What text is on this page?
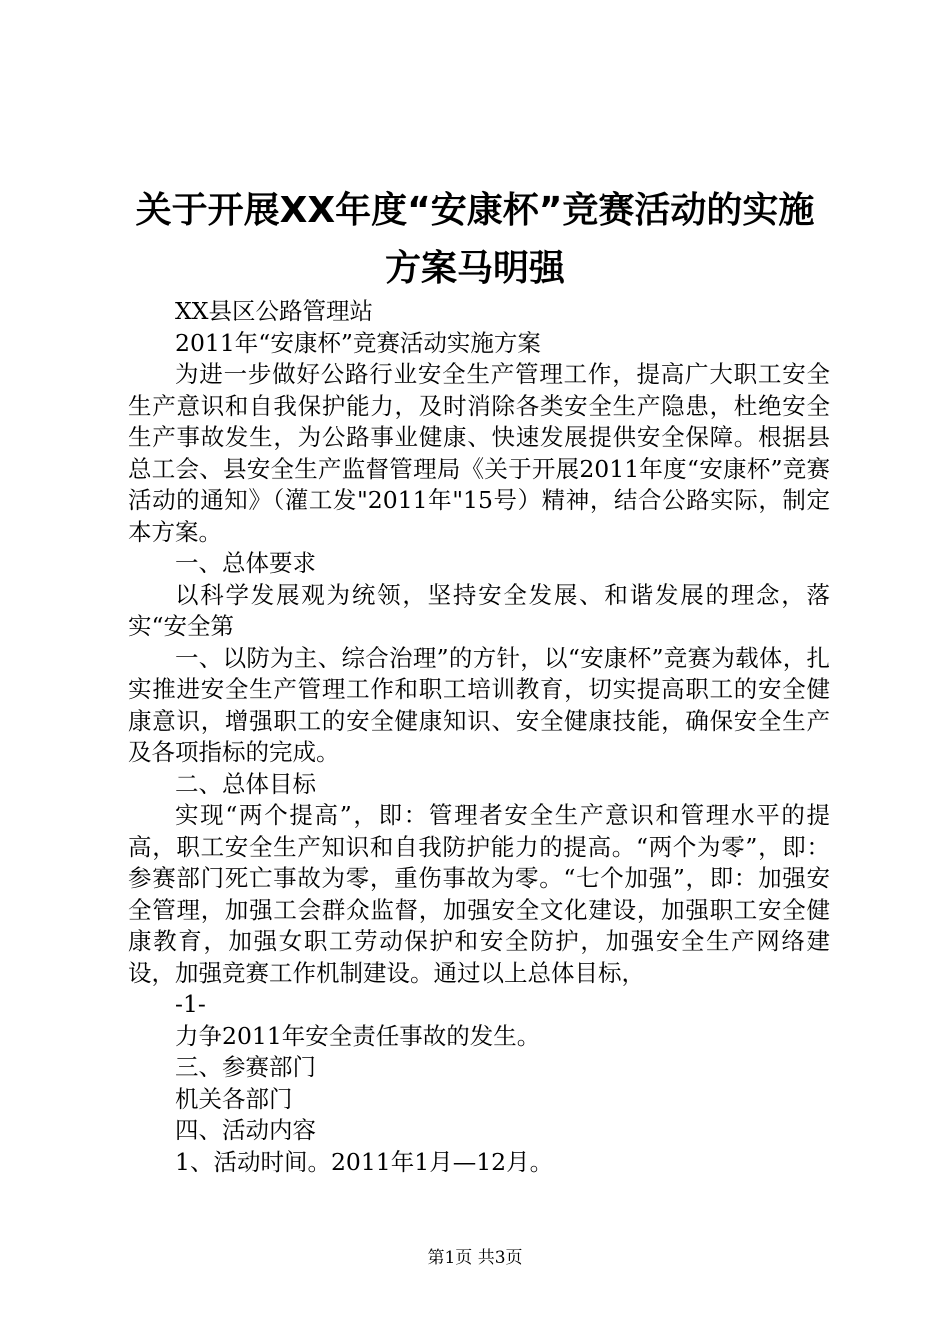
关于开展XX年度“安康杯”竞赛活动的实施
方案马明强

XX县区公路管理站

2011年“安康杯”竞赛活动实施方案

为进一步做好公路行业安全生产管理工作，提高广大职工安全生产意识和自我保护能力，及时消除各类安全生产隐患，杜绝安全生产事故发生，为公路事业健康、快速发展提供安全保障。根据县总工会、县安全生产监督管理局《关于开展2011年度“安康杯”竞赛活动的通知》（灌工发"2011年"15号）精神，结合公路实际，制定本方案。

一、总体要求

以科学发展观为统领，坚持安全发展、和谐发展的理念，落实“安全第

一、以防为主、综合治理”的方针，以“安康杯”竞赛为载体，扎实推进安全生产管理工作和职工培训教育，切实提高职工的安全健康意识，增强职工的安全健康知识、安全健康技能，确保安全生产及各项指标的完成。

二、总体目标

实现“两个提高”，即：管理者安全生产意识和管理水平的提高，职工安全生产知识和自我防护能力的提高。“两个为零”，即：参赛部门死亡事故为零，重伤事故为零。“七个加强”，即：加强安全管理，加强工会群众监督，加强安全文化建设，加强职工安全健康教育，加强女职工劳动保护和安全防护，加强安全生产网络建设，加强竞赛工作机制建设。通过以上总体目标，

-1-

力争2011年安全责任事故的发生。

三、参赛部门

机关各部门

四、活动内容

1、活动时间。2011年1月—12月。

第1页 共3页
